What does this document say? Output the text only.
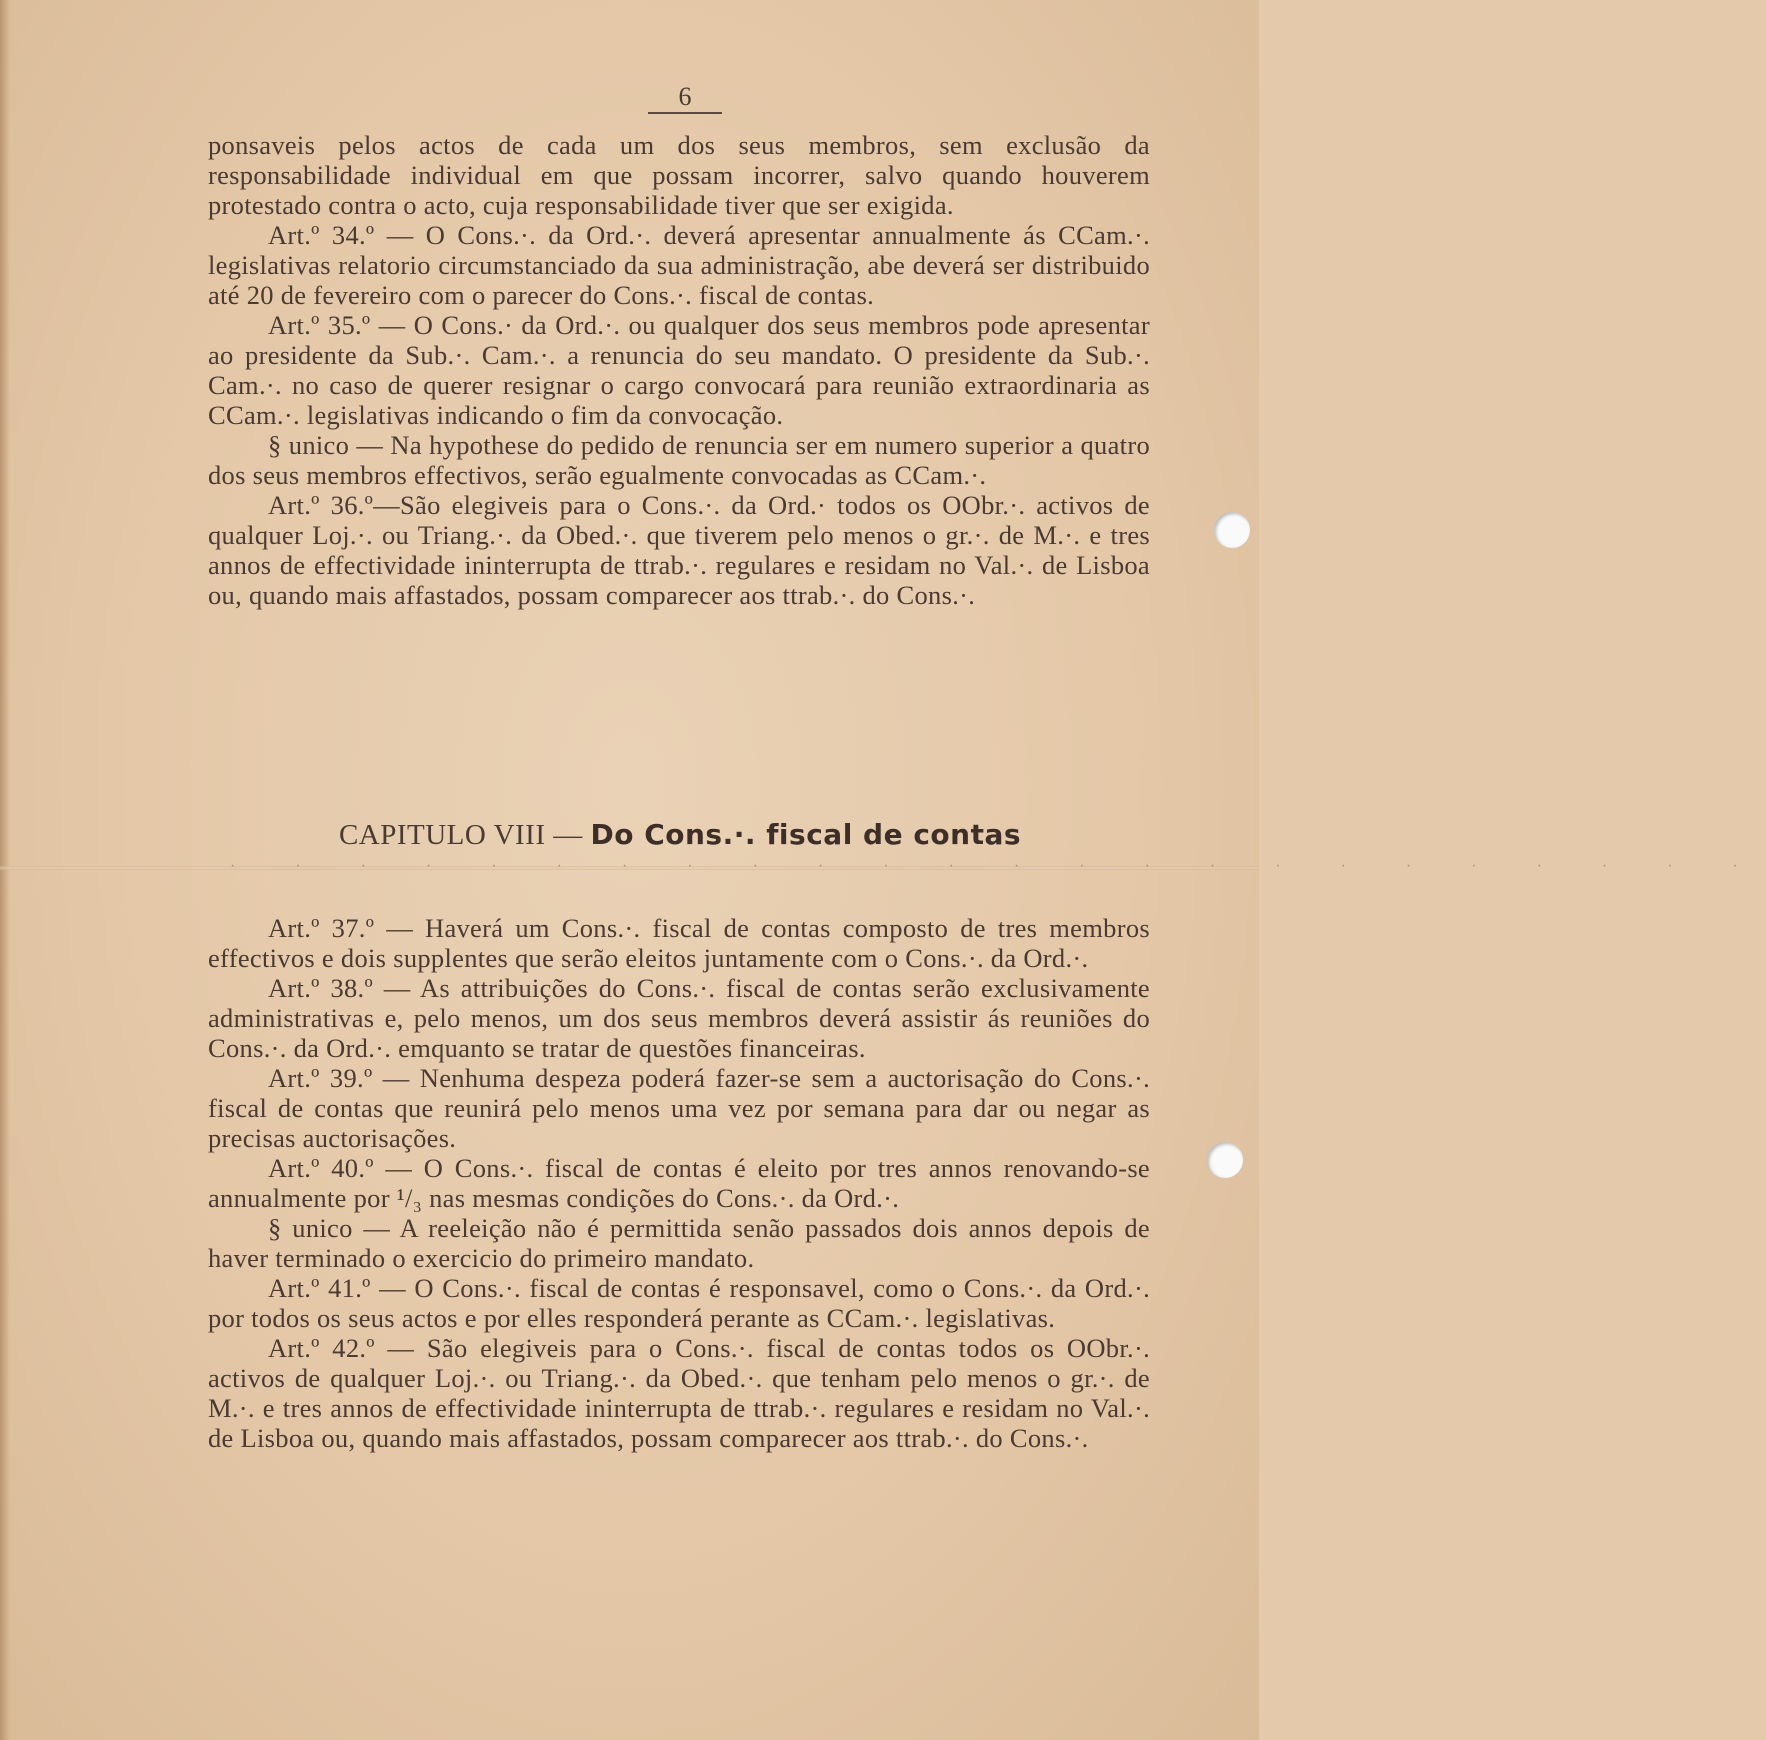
6

ponsaveis pelos actos de cada um dos seus membros, sem exclusão da responsabilidade individual em que possam incorrer, salvo quando houverem protestado contra o acto, cuja responsabilidade tiver que ser exigida.

Art.º 34.º — O Cons.·. da Ord.·. deverá apresentar annualmente ás CCam.·. legislativas relatorio circumstanciado da sua administração, abe deverá ser distribuido até 20 de fevereiro com o parecer do Cons.·. fiscal de contas.

Art.º 35.º — O Cons.· da Ord.·. ou qualquer dos seus membros pode apresentar ao presidente da Sub.·. Cam.·. a renuncia do seu mandato. O presidente da Sub.·. Cam.·. no caso de querer resignar o cargo convocará para reunião extraordinaria as CCam.·. legislativas indicando o fim da convocação.

§ unico — Na hypothese do pedido de renuncia ser em numero superior a quatro dos seus membros effectivos, serão egualmente convocadas as CCam.·.

Art.º 36.º—São elegiveis para o Cons.·. da Ord.· todos os OObr.·. activos de qualquer Loj.·. ou Triang.·. da Obed.·. que tiverem pelo menos o gr.·. de M.·. e tres annos de effectividade ininterrupta de ttrab.·. regulares e residam no Val.·. de Lisboa ou, quando mais affastados, possam comparecer aos ttrab.·. do Cons.·.

CAPITULO VIII — Do Cons.·. fiscal de contas
· · · · · · · · · · · · · · · · · · · · · · · ·

Art.º 37.º — Haverá um Cons.·. fiscal de contas composto de tres membros effectivos e dois supplentes que serão eleitos juntamente com o Cons.·. da Ord.·.

Art.º 38.º — As attribuições do Cons.·. fiscal de contas serão exclusivamente administrativas e, pelo menos, um dos seus membros deverá assistir ás reuniões do Cons.·. da Ord.·. emquanto se tratar de questões financeiras.

Art.º 39.º — Nenhuma despeza poderá fazer-se sem a auctorisação do Cons.·. fiscal de contas que reunirá pelo menos uma vez por semana para dar ou negar as precisas auctorisações.

Art.º 40.º — O Cons.·. fiscal de contas é eleito por tres annos renovando-se annualmente por ¹/₃ nas mesmas condições do Cons.·. da Ord.·.

§ unico — A reeleição não é permittida senão passados dois annos depois de haver terminado o exercicio do primeiro mandato.

Art.º 41.º — O Cons.·. fiscal de contas é responsavel, como o Cons.·. da Ord.·. por todos os seus actos e por elles responderá perante as CCam.·. legislativas.

Art.º 42.º — São elegiveis para o Cons.·. fiscal de contas todos os OObr.·. activos de qualquer Loj.·. ou Triang.·. da Obed.·. que tenham pelo menos o gr.·. de M.·. e tres annos de effectividade ininterrupta de ttrab.·. regulares e residam no Val.·. de Lisboa ou, quando mais affastados, possam comparecer aos ttrab.·. do Cons.·.
